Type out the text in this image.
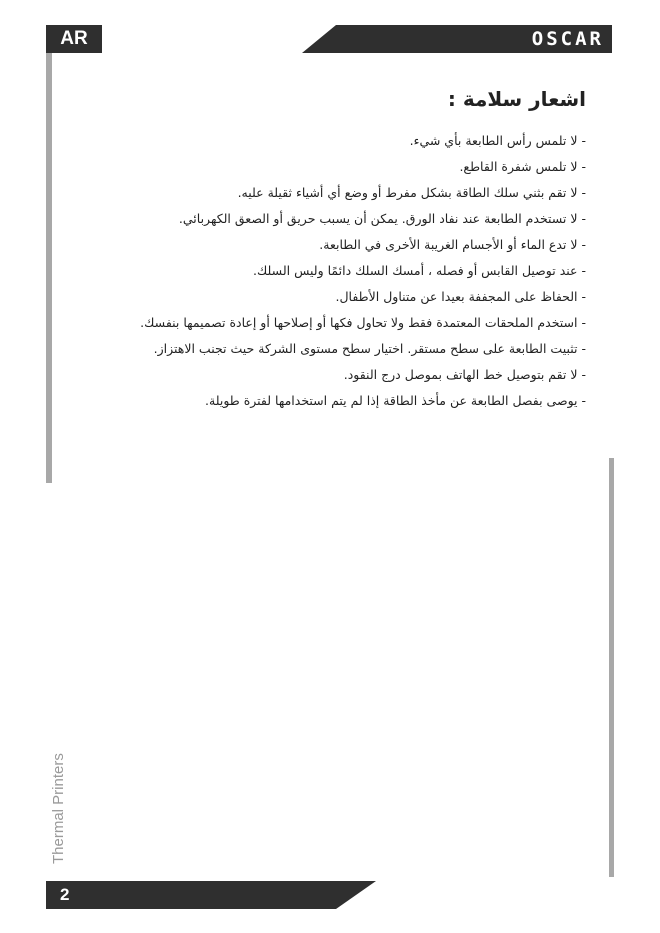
AR	OSCAR
اشعار سلامة :

- لا تلمس رأس الطابعة بأي شيء.

- لا تلمس شفرة القاطع.

- لا تقم بثني سلك الطاقة بشكل مفرط أو وضع أي أشياء ثقيلة عليه.

- لا تستخدم الطابعة عند نفاد الورق. يمكن أن يسبب حريق أو الصعق الكهربائي.

- لا تدع الماء أو الأجسام الغريبة الأخرى في الطابعة.

- عند توصيل القابس أو فصله ، أمسك السلك دائمًا وليس السلك.

- الحفاظ على المجففة بعيدا عن متناول الأطفال.

- استخدم الملحقات المعتمدة فقط ولا تحاول فكها أو إصلاحها أو إعادة تصميمها بنفسك.

- تثبيت الطابعة على سطح مستقر. اختيار سطح مستوى الشركة حيث تجنب الاهتزاز.

- لا تقم بتوصيل خط الهاتف بموصل درج النقود.

- يوصى بفصل الطابعة عن مأخذ الطاقة إذا لم يتم استخدامها لفترة طويلة.

Thermal Printers
2
